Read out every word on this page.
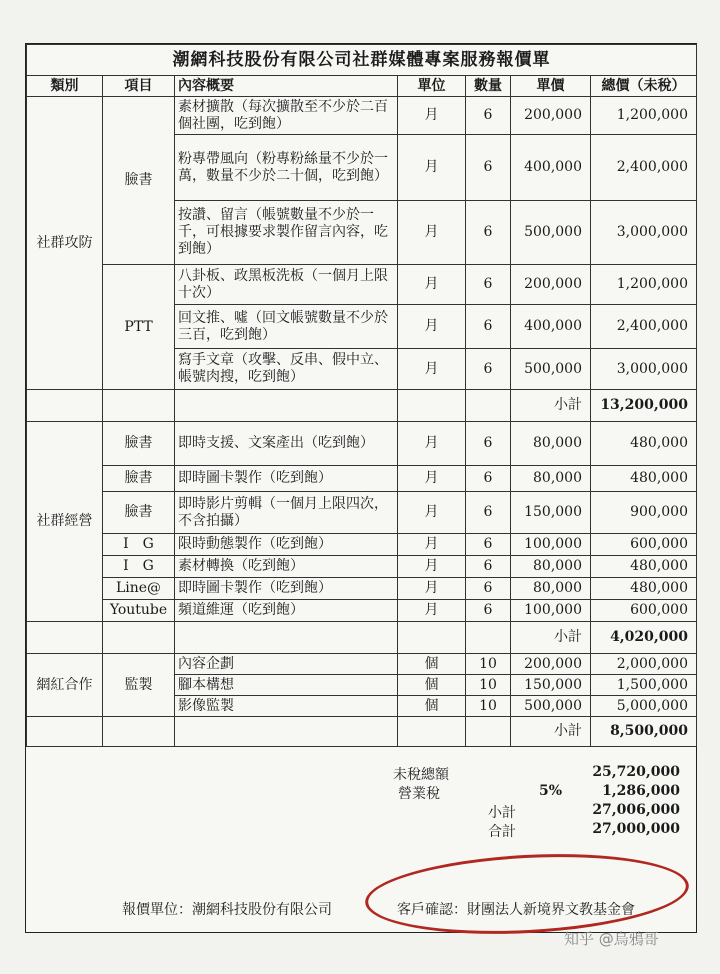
潮網科技股份有限公司社群媒體專案服務報價單						
類別	項目	內容概要	單位	數量	單價	總價（未稅）
社群攻防	臉書	素材擴散（每次擴散至不少於二百個社團，吃到飽）	月	6	200,000	1,200,000
		粉專帶風向（粉專粉絲量不少於一萬，數量不少於二十個，吃到飽）	月	6	400,000	2,400,000
		按讚、留言（帳號數量不少於一千，可根據要求製作留言內容，吃到飽）	月	6	500,000	3,000,000
	PTT	八卦板、政黑板洗板（一個月上限十次）	月	6	200,000	1,200,000
		回文推、噓（回文帳號數量不少於三百，吃到飽）	月	6	400,000	2,400,000
		寫手文章（攻擊、反串、假中立、帳號肉搜，吃到飽）	月	6	500,000	3,000,000
					小計	13,200,000
社群經營	臉書	即時支援、文案產出（吃到飽）	月	6	80,000	480,000
	臉書	即時圖卡製作（吃到飽）	月	6	80,000	480,000
	臉書	即時影片剪輯（一個月上限四次，不含拍攝）	月	6	150,000	900,000
	I　G	限時動態製作（吃到飽）	月	6	100,000	600,000
	I　G	素材轉換（吃到飽）	月	6	80,000	480,000
	Line@	即時圖卡製作（吃到飽）	月	6	80,000	480,000
	Youtube	頻道維運（吃到飽）	月	6	100,000	600,000
					小計	4,020,000
網紅合作	監製	內容企劃	個	10	200,000	2,000,000
		腳本構想	個	10	150,000	1,500,000
		影像監製	個	10	500,000	5,000,000
					小計	8,500,000
未稅總額	25,720,000
營業稅	5%	1,286,000
小計	27,006,000
合計	27,000,000
報價單位：潮網科技股份有限公司	客戶確認：財團法人新境界文教基金會
知乎 @烏鴉哥
